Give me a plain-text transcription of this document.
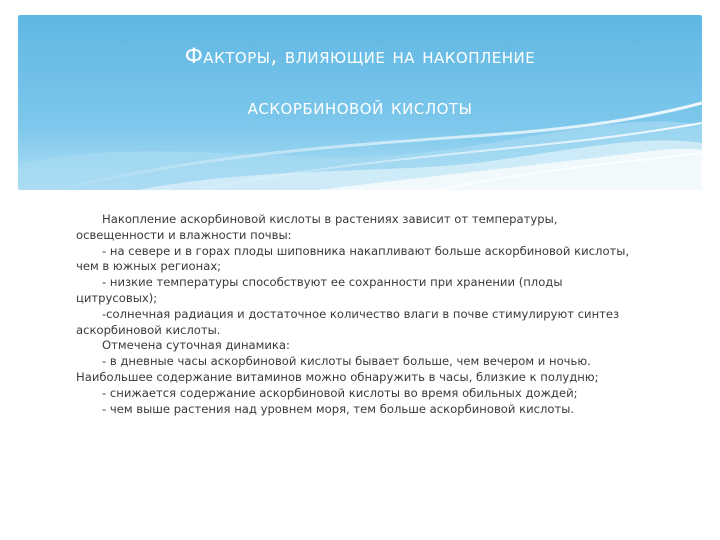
Факторы, влияющие на накопление
аскорбиновой кислоты

Накопление аскорбиновой кислоты в растениях зависит от температуры, освещенности и влажности почвы:

- на севере и в горах плоды шиповника накапливают больше аскорбиновой кислоты, чем в южных регионах;

- низкие температуры способствуют ее сохранности при хранении (плоды цитрусовых);

-солнечная радиация и достаточное количество влаги в почве стимулируют синтез аскорбиновой кислоты.

Отмечена суточная динамика:

- в дневные часы аскорбиновой кислоты бывает больше, чем вечером и ночью. Наибольшее содержание витаминов можно обнаружить в часы, близкие к полудню;

- снижается содержание аскорбиновой кислоты во время обильных дождей;

- чем выше растения над уровнем моря, тем больше аскорбиновой кислоты.
